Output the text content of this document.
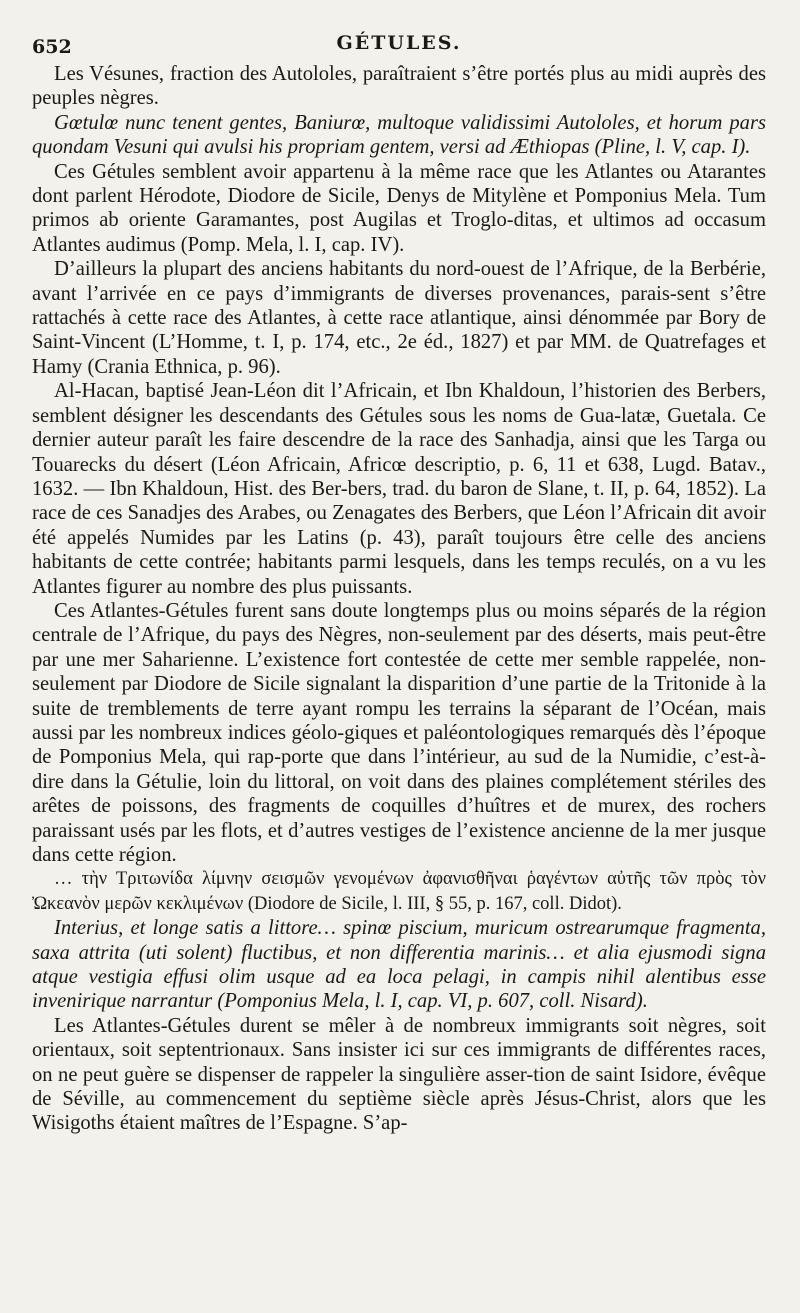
652	GÉTULES.

Les Vésunes, fraction des Autololes, paraîtraient s’être portés plus au midi auprès des peuples nègres.

Gœtulœ nunc tenent gentes, Baniurœ, multoque validissimi Autololes, et horum pars quondam Vesuni qui avulsi his propriam gentem, versi ad Æthiopas (Pline, l. V, cap. I).

Ces Gétules semblent avoir appartenu à la même race que les Atlantes ou Atarantes dont parlent Hérodote, Diodore de Sicile, Denys de Mitylène et Pomponius Mela. Tum primos ab oriente Garamantes, post Augilas et Troglo-ditas, et ultimos ad occasum Atlantes audimus (Pomp. Mela, l. I, cap. IV).

D’ailleurs la plupart des anciens habitants du nord-ouest de l’Afrique, de la Berbérie, avant l’arrivée en ce pays d’immigrants de diverses provenances, parais-sent s’être rattachés à cette race des Atlantes, à cette race atlantique, ainsi dénommée par Bory de Saint-Vincent (L’Homme, t. I, p. 174, etc., 2e éd., 1827) et par MM. de Quatrefages et Hamy (Crania Ethnica, p. 96).

Al-Hacan, baptisé Jean-Léon dit l’Africain, et Ibn Khaldoun, l’historien des Berbers, semblent désigner les descendants des Gétules sous les noms de Gua-latæ, Guetala. Ce dernier auteur paraît les faire descendre de la race des Sanhadja, ainsi que les Targa ou Touarecks du désert (Léon Africain, Africœ descriptio, p. 6, 11 et 638, Lugd. Batav., 1632. — Ibn Khaldoun, Hist. des Ber-bers, trad. du baron de Slane, t. II, p. 64, 1852). La race de ces Sanadjes des Arabes, ou Zenagates des Berbers, que Léon l’Africain dit avoir été appelés Numides par les Latins (p. 43), paraît toujours être celle des anciens habitants de cette contrée; habitants parmi lesquels, dans les temps reculés, on a vu les Atlantes figurer au nombre des plus puissants.

Ces Atlantes-Gétules furent sans doute longtemps plus ou moins séparés de la région centrale de l’Afrique, du pays des Nègres, non-seulement par des déserts, mais peut-être par une mer Saharienne. L’existence fort contestée de cette mer semble rappelée, non-seulement par Diodore de Sicile signalant la disparition d’une partie de la Tritonide à la suite de tremblements de terre ayant rompu les terrains la séparant de l’Océan, mais aussi par les nombreux indices géolo-giques et paléontologiques remarqués dès l’époque de Pomponius Mela, qui rap-porte que dans l’intérieur, au sud de la Numidie, c’est-à-dire dans la Gétulie, loin du littoral, on voit dans des plaines complétement stériles des arêtes de poissons, des fragments de coquilles d’huîtres et de murex, des rochers paraissant usés par les flots, et d’autres vestiges de l’existence ancienne de la mer jusque dans cette région.

… τὴν Τριτωνίδα λίμνην σεισμῶν γενομένων ἀφανισθῆναι ῥαγέντων αὐτῆς τῶν πρὸς τὸν Ὠκεανὸν μερῶν κεκλιμένων (Diodore de Sicile, l. III, § 55, p. 167, coll. Didot).

Interius, et longe satis a littore… spinœ piscium, muricum ostrearumque fragmenta, saxa attrita (uti solent) fluctibus, et non differentia marinis… et alia ejusmodi signa atque vestigia effusi olim usque ad ea loca pelagi, in campis nihil alentibus esse invenirique narrantur (Pomponius Mela, l. I, cap. VI, p. 607, coll. Nisard).

Les Atlantes-Gétules durent se mêler à de nombreux immigrants soit nègres, soit orientaux, soit septentrionaux. Sans insister ici sur ces immigrants de différentes races, on ne peut guère se dispenser de rappeler la singulière asser-tion de saint Isidore, évêque de Séville, au commencement du septième siècle après Jésus-Christ, alors que les Wisigoths étaient maîtres de l’Espagne. S’ap-
